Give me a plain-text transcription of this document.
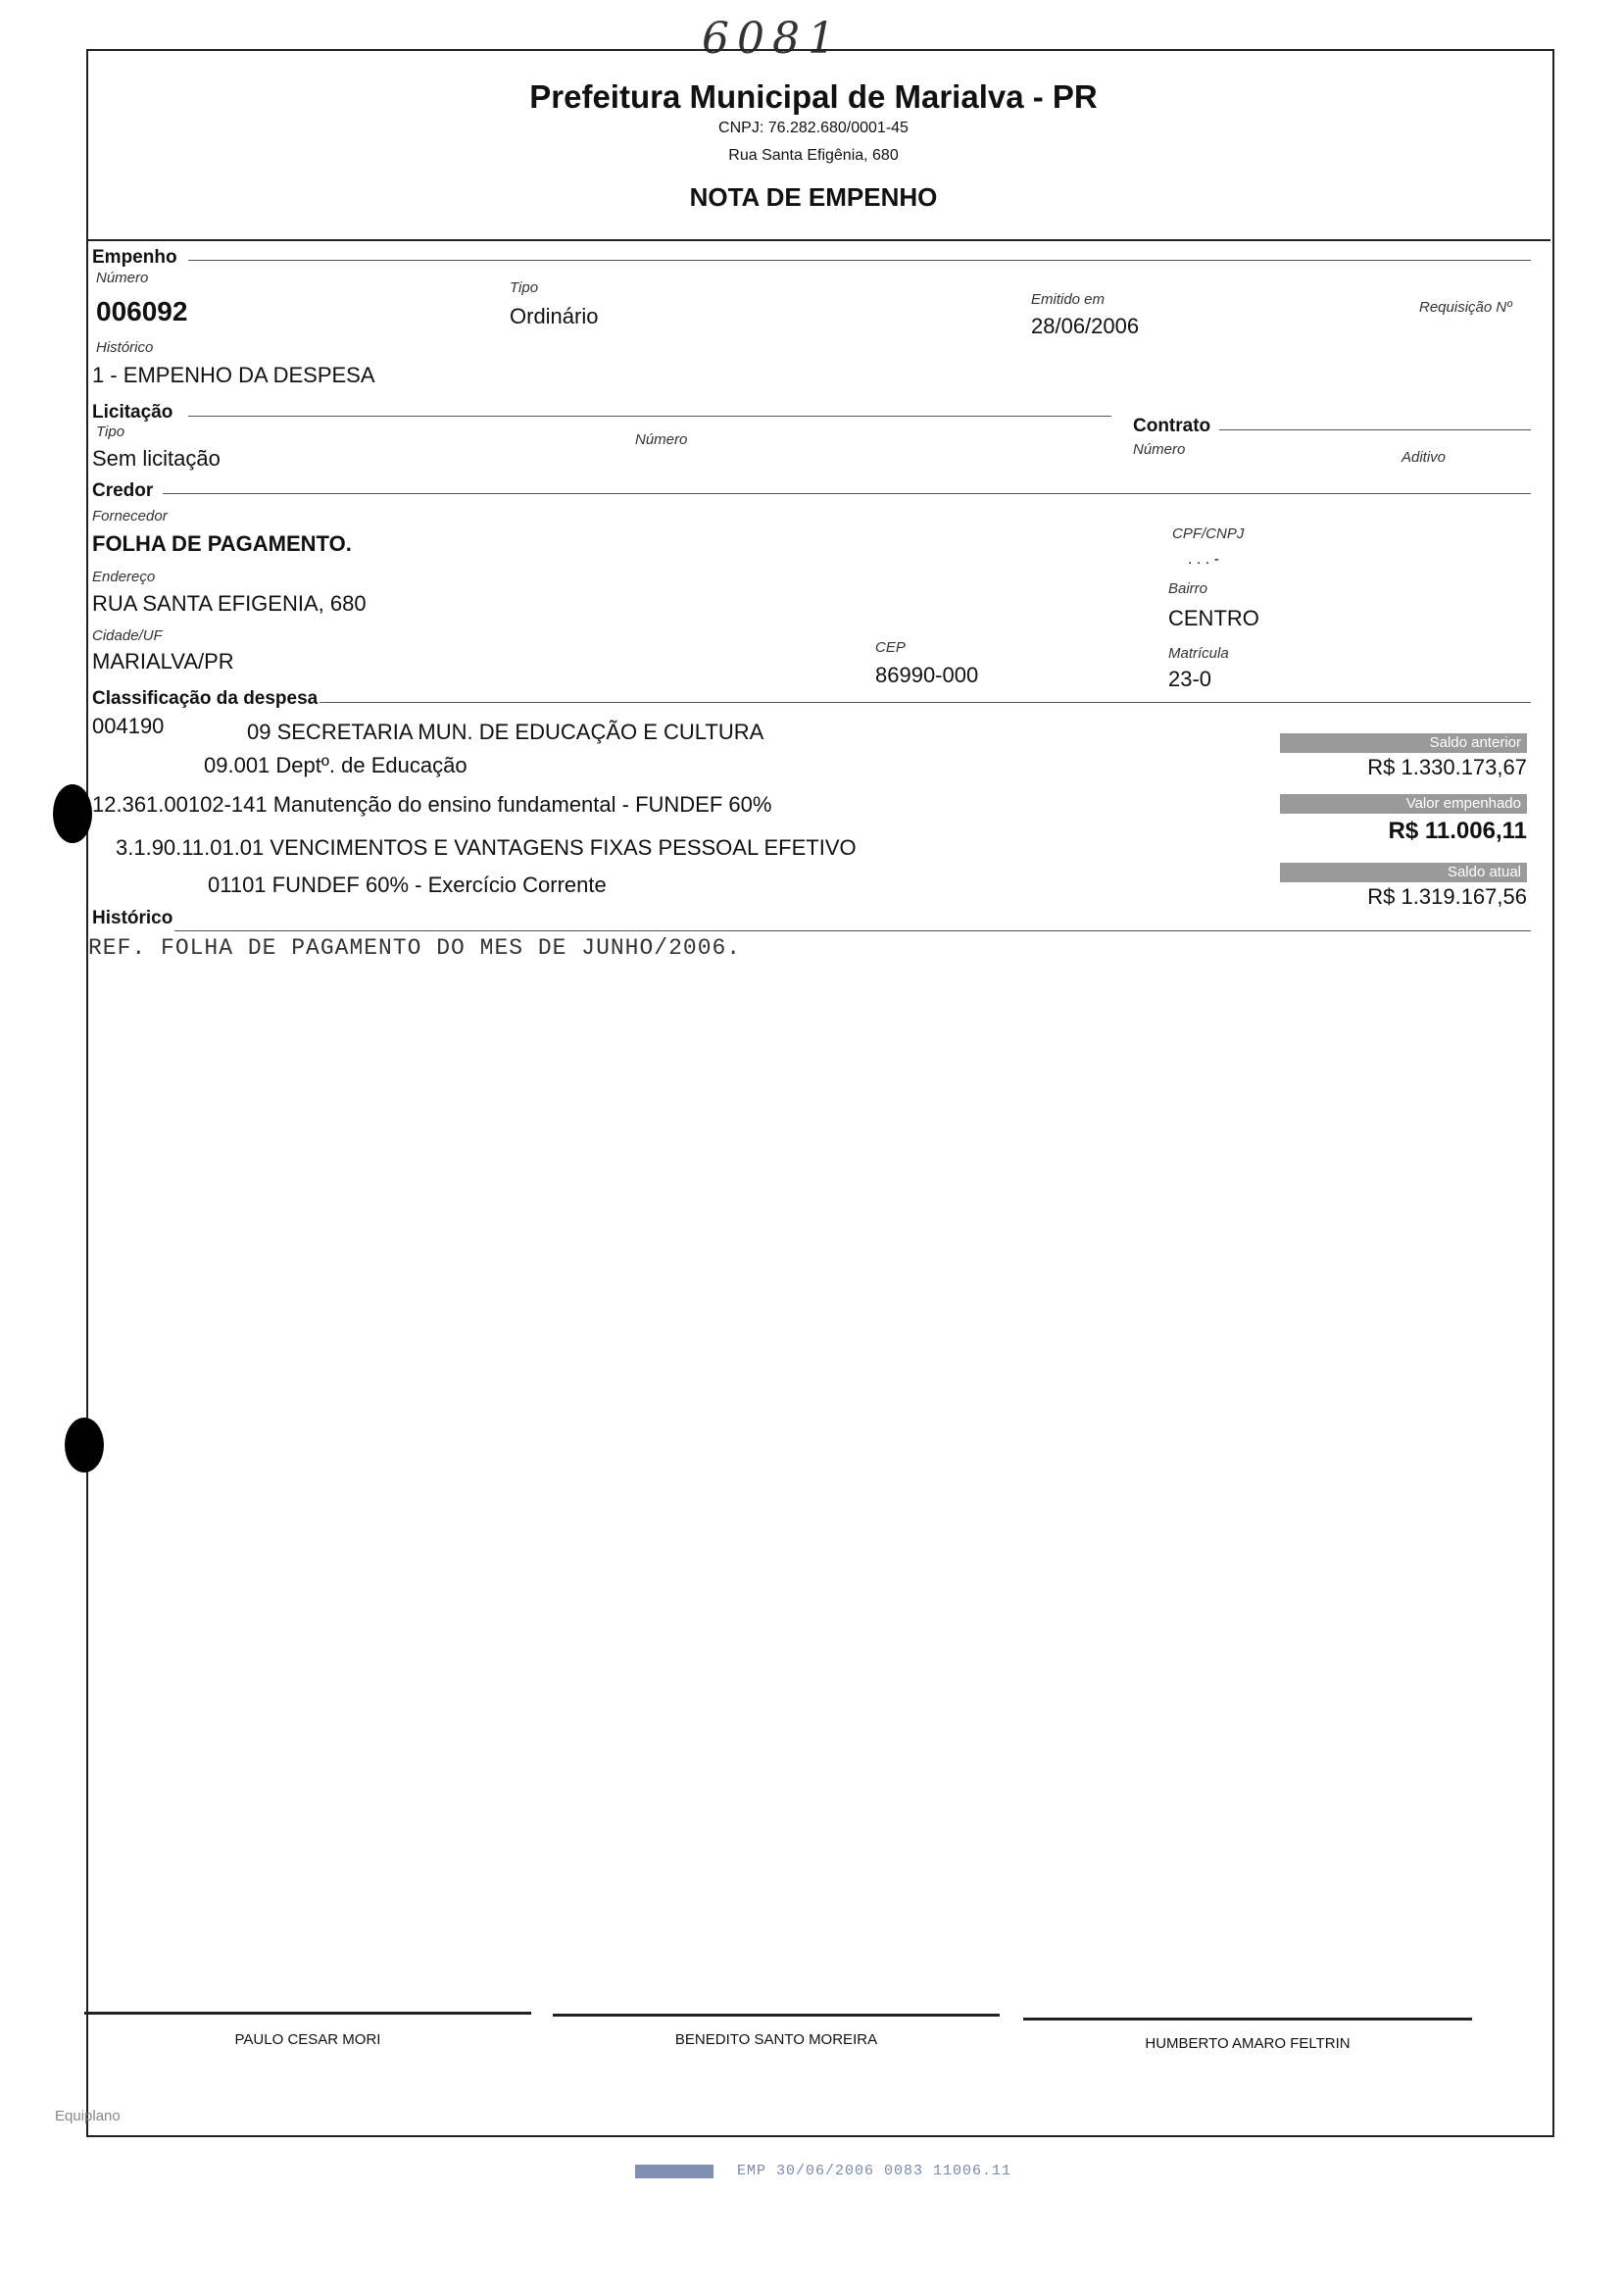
6081
Prefeitura Municipal de Marialva - PR
CNPJ: 76.282.680/0001-45
Rua Santa Efigênia, 680
NOTA DE EMPENHO
Empenho
Número
006092
Tipo
Ordinário
Emitido em
28/06/2006
Requisição Nº
Histórico
1 - EMPENHO DA DESPESA
Licitação
Tipo
Sem licitação
Número
Contrato
Número	Aditivo
Credor
Fornecedor
FOLHA DE PAGAMENTO.	CPF/CNPJ
. . . -
Endereço
RUA SANTA EFIGENIA, 680
Bairro
CENTRO
Cidade/UF
MARIALVA/PR
CEP
86990-000
Matrícula
23-0
Classificação da despesa
004190	09 SECRETARIA MUN. DE EDUCAÇÃO E CULTURA
09.001 Deptº. de Educação
12.361.00102-141 Manutenção do ensino fundamental - FUNDEF 60%
3.1.90.11.01.01 VENCIMENTOS E VANTAGENS FIXAS PESSOAL EFETIVO
01101 FUNDEF 60% - Exercício Corrente
Saldo anterior
R$ 1.330.173,67
Valor empenhado
R$ 11.006,11
Saldo atual
R$ 1.319.167,56
Histórico
REF. FOLHA DE PAGAMENTO DO MES DE JUNHO/2006.
PAULO CESAR MORI	BENEDITO SANTO MOREIRA	HUMBERTO AMARO FELTRIN
Equiplano
EMP 30/06/2006 0083 11006.11
